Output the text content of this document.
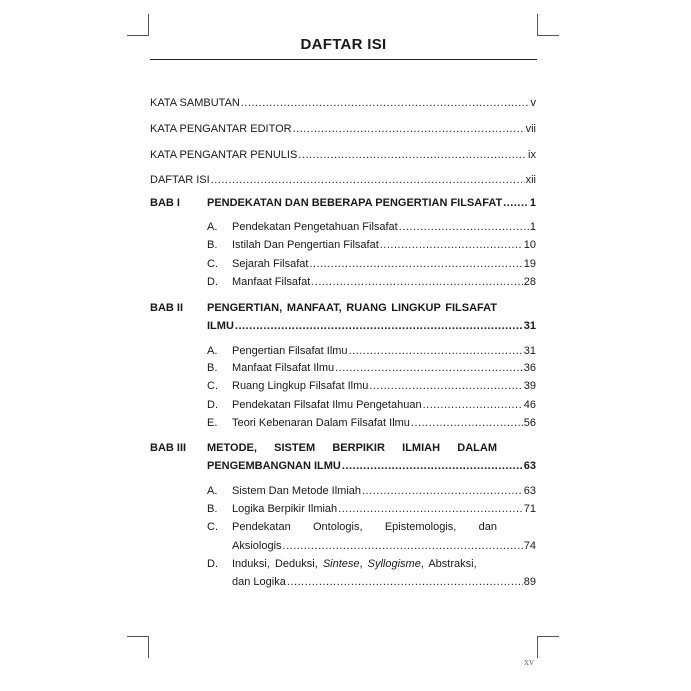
DAFTAR ISI
KATA SAMBUTAN .....	v
KATA PENGANTAR EDITOR .....	vii
KATA PENGANTAR PENULIS .....	ix
DAFTAR ISI .....	xii
BAB I PENDEKATAN DAN BEBERAPA PENGERTIAN FILSAFAT .....	1
A. Pendekatan Pengetahuan Filsafat .....	1
B. Istilah Dan Pengertian Filsafat .....	10
C. Sejarah Filsafat .....	19
D. Manfaat Filsafat .....	28
BAB II PENGERTIAN, MANFAAT, RUANG LINGKUP FILSAFAT
ILMU .....	31
A. Pengertian Filsafat Ilmu .....	31
B. Manfaat Filsafat Ilmu .....	36
C. Ruang Lingkup Filsafat Ilmu .....	39
D. Pendekatan Filsafat Ilmu Pengetahuan .....	46
E. Teori Kebenaran Dalam Filsafat Ilmu .....	56
BAB III METODE, SISTEM BERPIKIR ILMIAH DALAM
PENGEMBANGNAN ILMU .....	63
A. Sistem Dan Metode Ilmiah .....	63
B. Logika Berpikir Ilmiah .....	71
C. Pendekatan Ontologis, Epistemologis, dan
Aksiologis .....	74
D. Induksi, Deduksi, Sintese, Syllogisme, Abstraksi,
dan Logika .....	89
xv
